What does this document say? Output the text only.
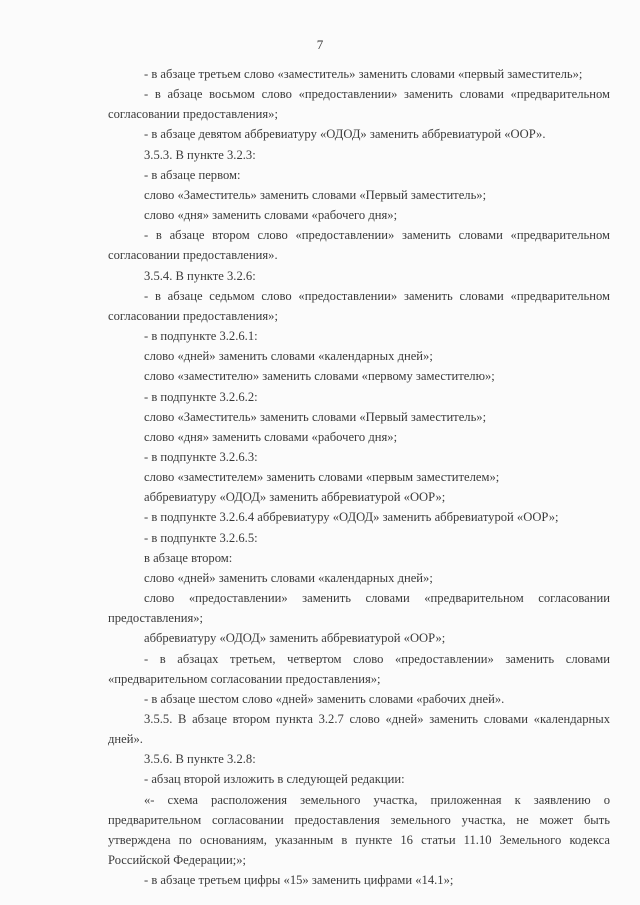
7

- в абзаце третьем слово «заместитель» заменить словами «первый заместитель»;

- в абзаце восьмом слово «предоставлении» заменить словами «предварительном согласовании предоставления»;

- в абзаце девятом аббревиатуру «ОДОД» заменить аббревиатурой «ООР».

3.5.3. В пункте 3.2.3:

- в абзаце первом:

слово «Заместитель» заменить словами «Первый заместитель»;

слово «дня» заменить словами «рабочего дня»;

- в абзаце втором слово «предоставлении» заменить словами «предварительном согласовании предоставления».

3.5.4. В пункте 3.2.6:

- в абзаце седьмом слово «предоставлении» заменить словами «предварительном согласовании предоставления»;

- в подпункте 3.2.6.1:

слово «дней» заменить словами «календарных дней»;

слово «заместителю» заменить словами «первому заместителю»;

- в подпункте 3.2.6.2:

слово «Заместитель» заменить словами «Первый заместитель»;

слово «дня» заменить словами «рабочего дня»;

- в подпункте 3.2.6.3:

слово «заместителем» заменить словами «первым заместителем»;

аббревиатуру «ОДОД» заменить аббревиатурой «ООР»;

- в подпункте 3.2.6.4 аббревиатуру «ОДОД» заменить аббревиатурой «ООР»;

- в подпункте 3.2.6.5:

в абзаце втором:

слово «дней» заменить словами «календарных дней»;

слово «предоставлении» заменить словами «предварительном согласовании предоставления»;

аббревиатуру «ОДОД» заменить аббревиатурой «ООР»;

- в абзацах третьем, четвертом слово «предоставлении» заменить словами «предварительном согласовании предоставления»;

- в абзаце шестом слово «дней» заменить словами «рабочих дней».

3.5.5. В абзаце втором пункта 3.2.7 слово «дней» заменить словами «календарных дней».

3.5.6. В пункте 3.2.8:

- абзац второй изложить в следующей редакции:

«- схема расположения земельного участка, приложенная к заявлению о предварительном согласовании предоставления земельного участка, не может быть утверждена по основаниям, указанным в пункте 16 статьи 11.10 Земельного кодекса Российской Федерации;»;

- в абзаце третьем цифры «15» заменить цифрами «14.1»;
